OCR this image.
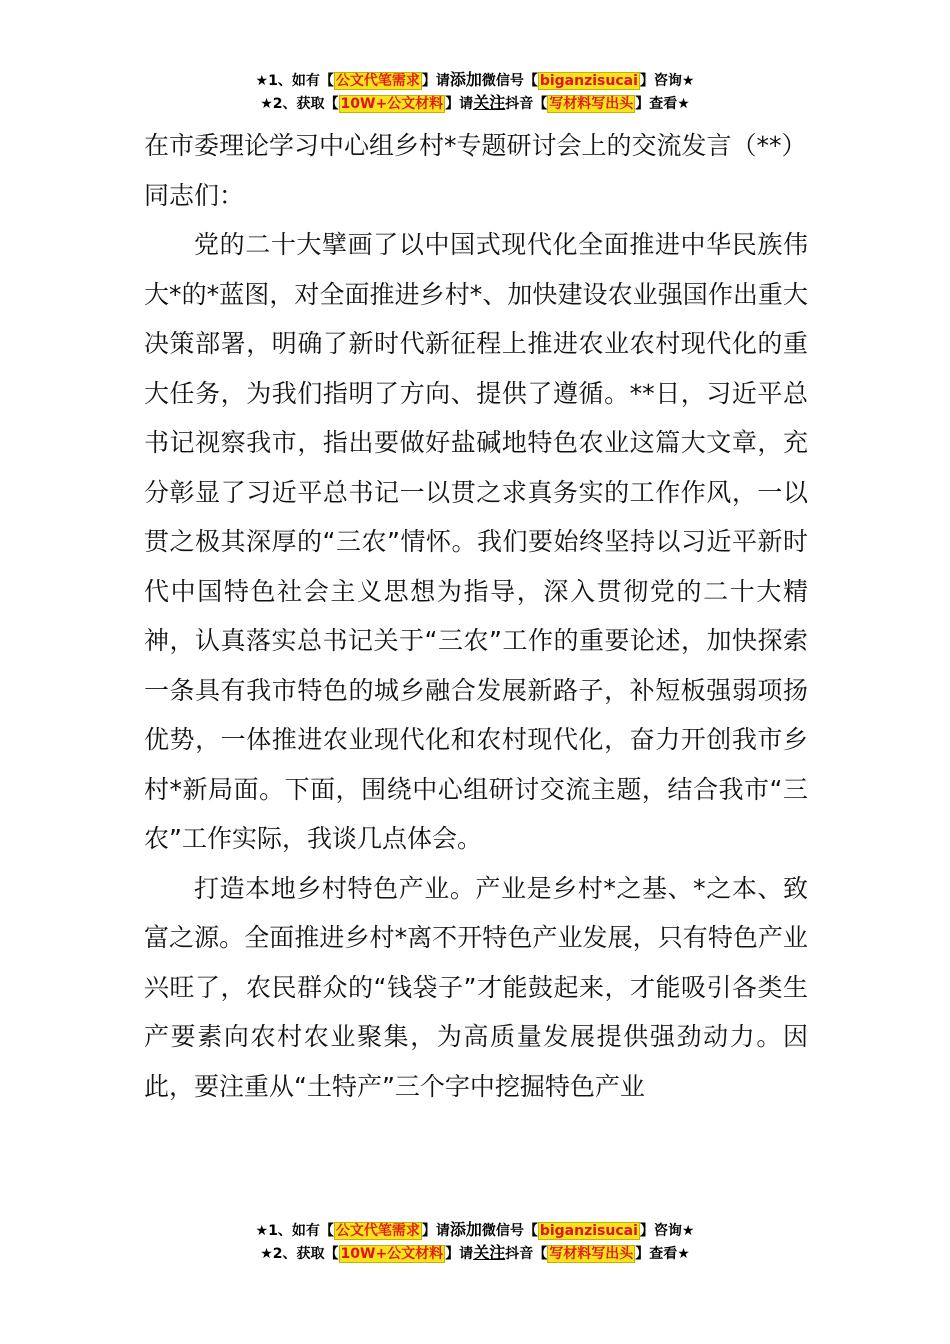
★1、如有【 公文代笔需求 】请添加微信号【 biganzisucai 】咨询★
★2、获取【 10W+公文材料 】请关注抖音【 写材料写出头 】查看★

在市委理论学习中心组乡村*专题研讨会上的交流发言（**）

同志们：

党的二十大擘画了以中国式现代化全面推进中华民族伟大*的*蓝图，对全面推进乡村*、加快建设农业强国作出重大决策部署，明确了新时代新征程上推进农业农村现代化的重大任务，为我们指明了方向、提供了遵循。**日，习近平总书记视察我市，指出要做好盐碱地特色农业这篇大文章，充分彰显了习近平总书记一以贯之求真务实的工作作风，一以贯之极其深厚的“三农”情怀。我们要始终坚持以习近平新时代中国特色社会主义思想为指导，深入贯彻党的二十大精神，认真落实总书记关于“三农”工作的重要论述，加快探索一条具有我市特色的城乡融合发展新路子，补短板强弱项扬优势，一体推进农业现代化和农村现代化，奋力开创我市乡村*新局面。下面，围绕中心组研讨交流主题，结合我市“三农”工作实际，我谈几点体会。

打造本地乡村特色产业。产业是乡村*之基、*之本、致富之源。全面推进乡村*离不开特色产业发展，只有特色产业兴旺了，农民群众的“钱袋子”才能鼓起来，才能吸引各类生产要素向农村农业聚集，为高质量发展提供强劲动力。因此，要注重从“土特产”三个字中挖掘特色产业

★1、如有【 公文代笔需求 】请添加微信号【 biganzisucai 】咨询★
★2、获取【 10W+公文材料 】请关注抖音【 写材料写出头 】查看★
